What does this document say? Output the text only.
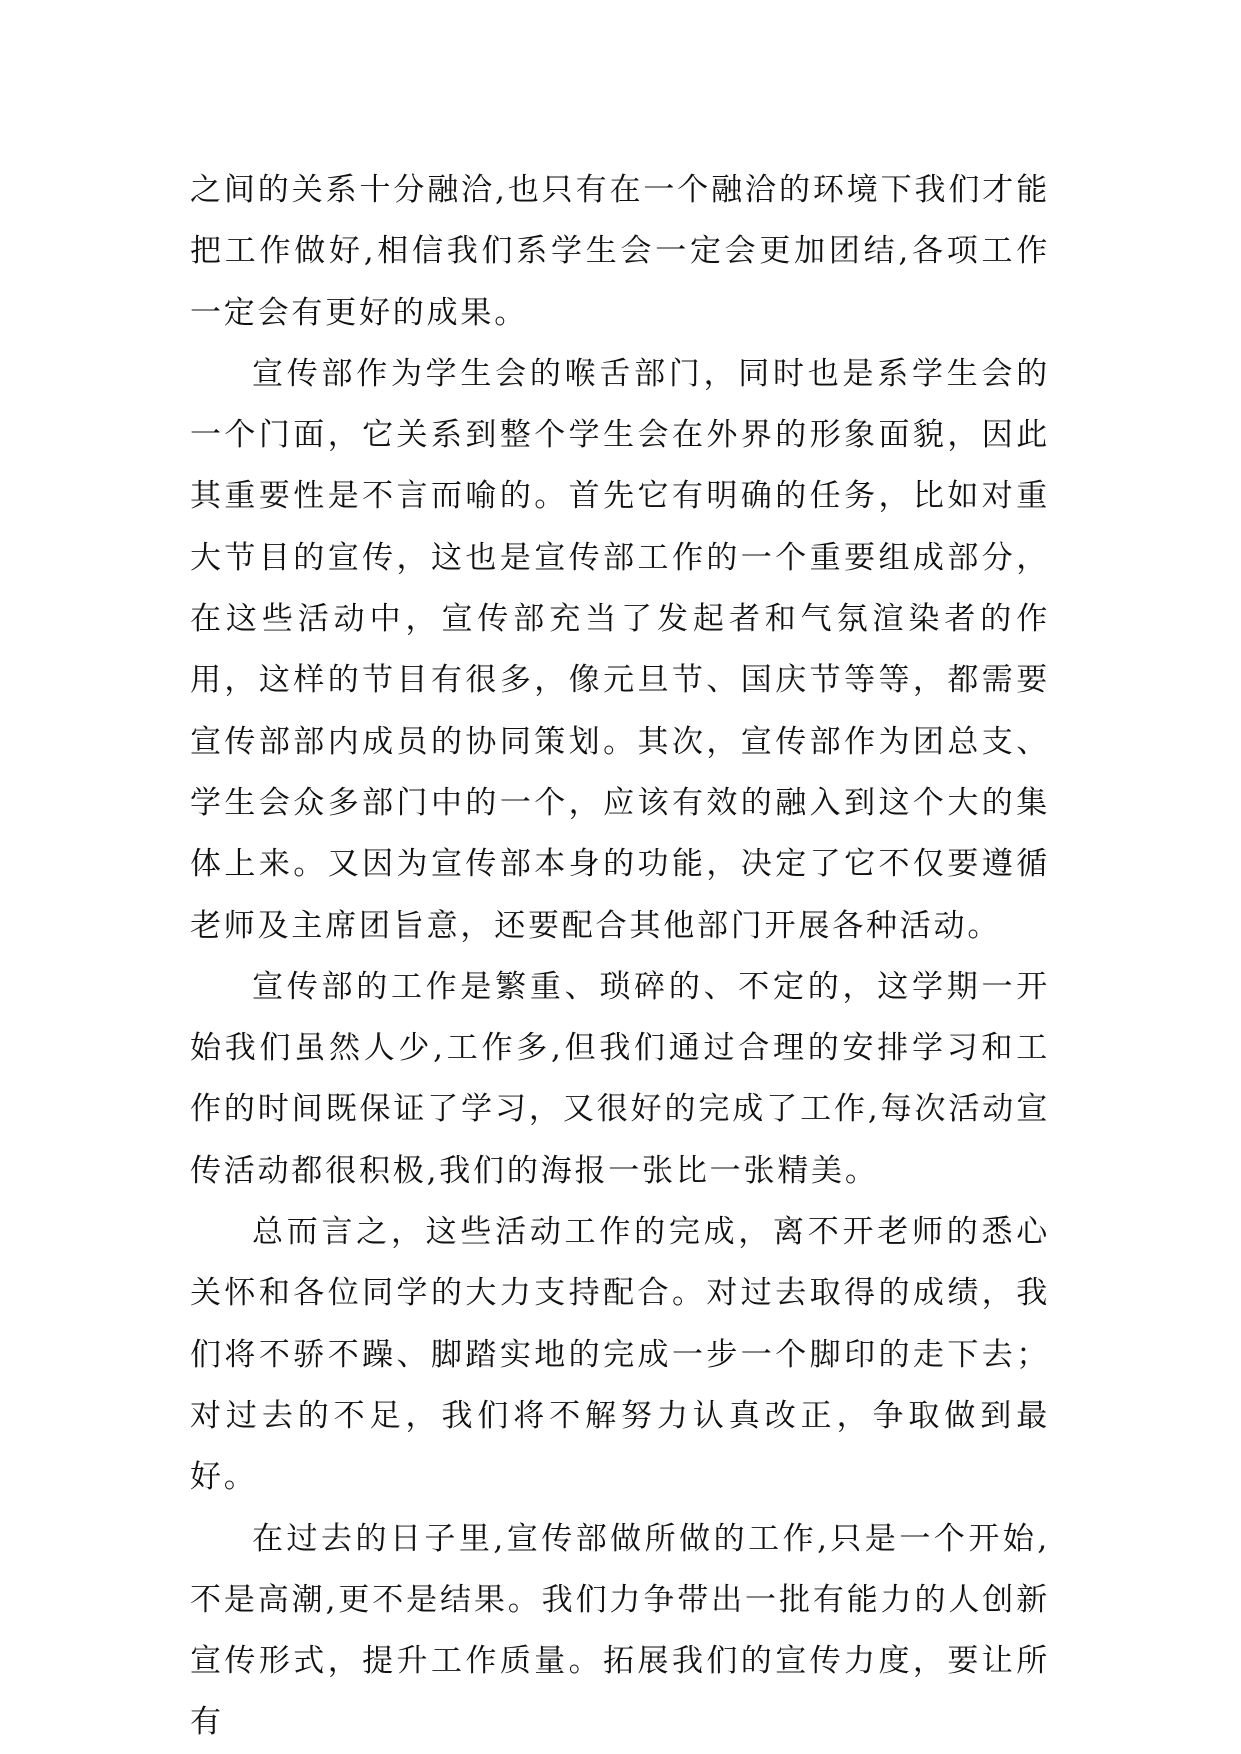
之间的关系十分融洽,也只有在一个融洽的环境下我们才能把工作做好,相信我们系学生会一定会更加团结,各项工作一定会有更好的成果。

宣传部作为学生会的喉舌部门，同时也是系学生会的一个门面，它关系到整个学生会在外界的形象面貌，因此其重要性是不言而喻的。首先它有明确的任务，比如对重大节目的宣传，这也是宣传部工作的一个重要组成部分，在这些活动中，宣传部充当了发起者和气氛渲染者的作用，这样的节目有很多，像元旦节、国庆节等等，都需要宣传部部内成员的协同策划。其次，宣传部作为团总支、学生会众多部门中的一个，应该有效的融入到这个大的集体上来。又因为宣传部本身的功能，决定了它不仅要遵循老师及主席团旨意，还要配合其他部门开展各种活动。

宣传部的工作是繁重、琐碎的、不定的，这学期一开始我们虽然人少,工作多,但我们通过合理的安排学习和工作的时间既保证了学习，又很好的完成了工作,每次活动宣传活动都很积极,我们的海报一张比一张精美。

总而言之，这些活动工作的完成，离不开老师的悉心关怀和各位同学的大力支持配合。对过去取得的成绩，我们将不骄不躁、脚踏实地的完成一步一个脚印的走下去；对过去的不足，我们将不解努力认真改正，争取做到最好。

在过去的日子里,宣传部做所做的工作,只是一个开始,不是高潮,更不是结果。我们力争带出一批有能力的人创新宣传形式，提升工作质量。拓展我们的宣传力度，要让所有
